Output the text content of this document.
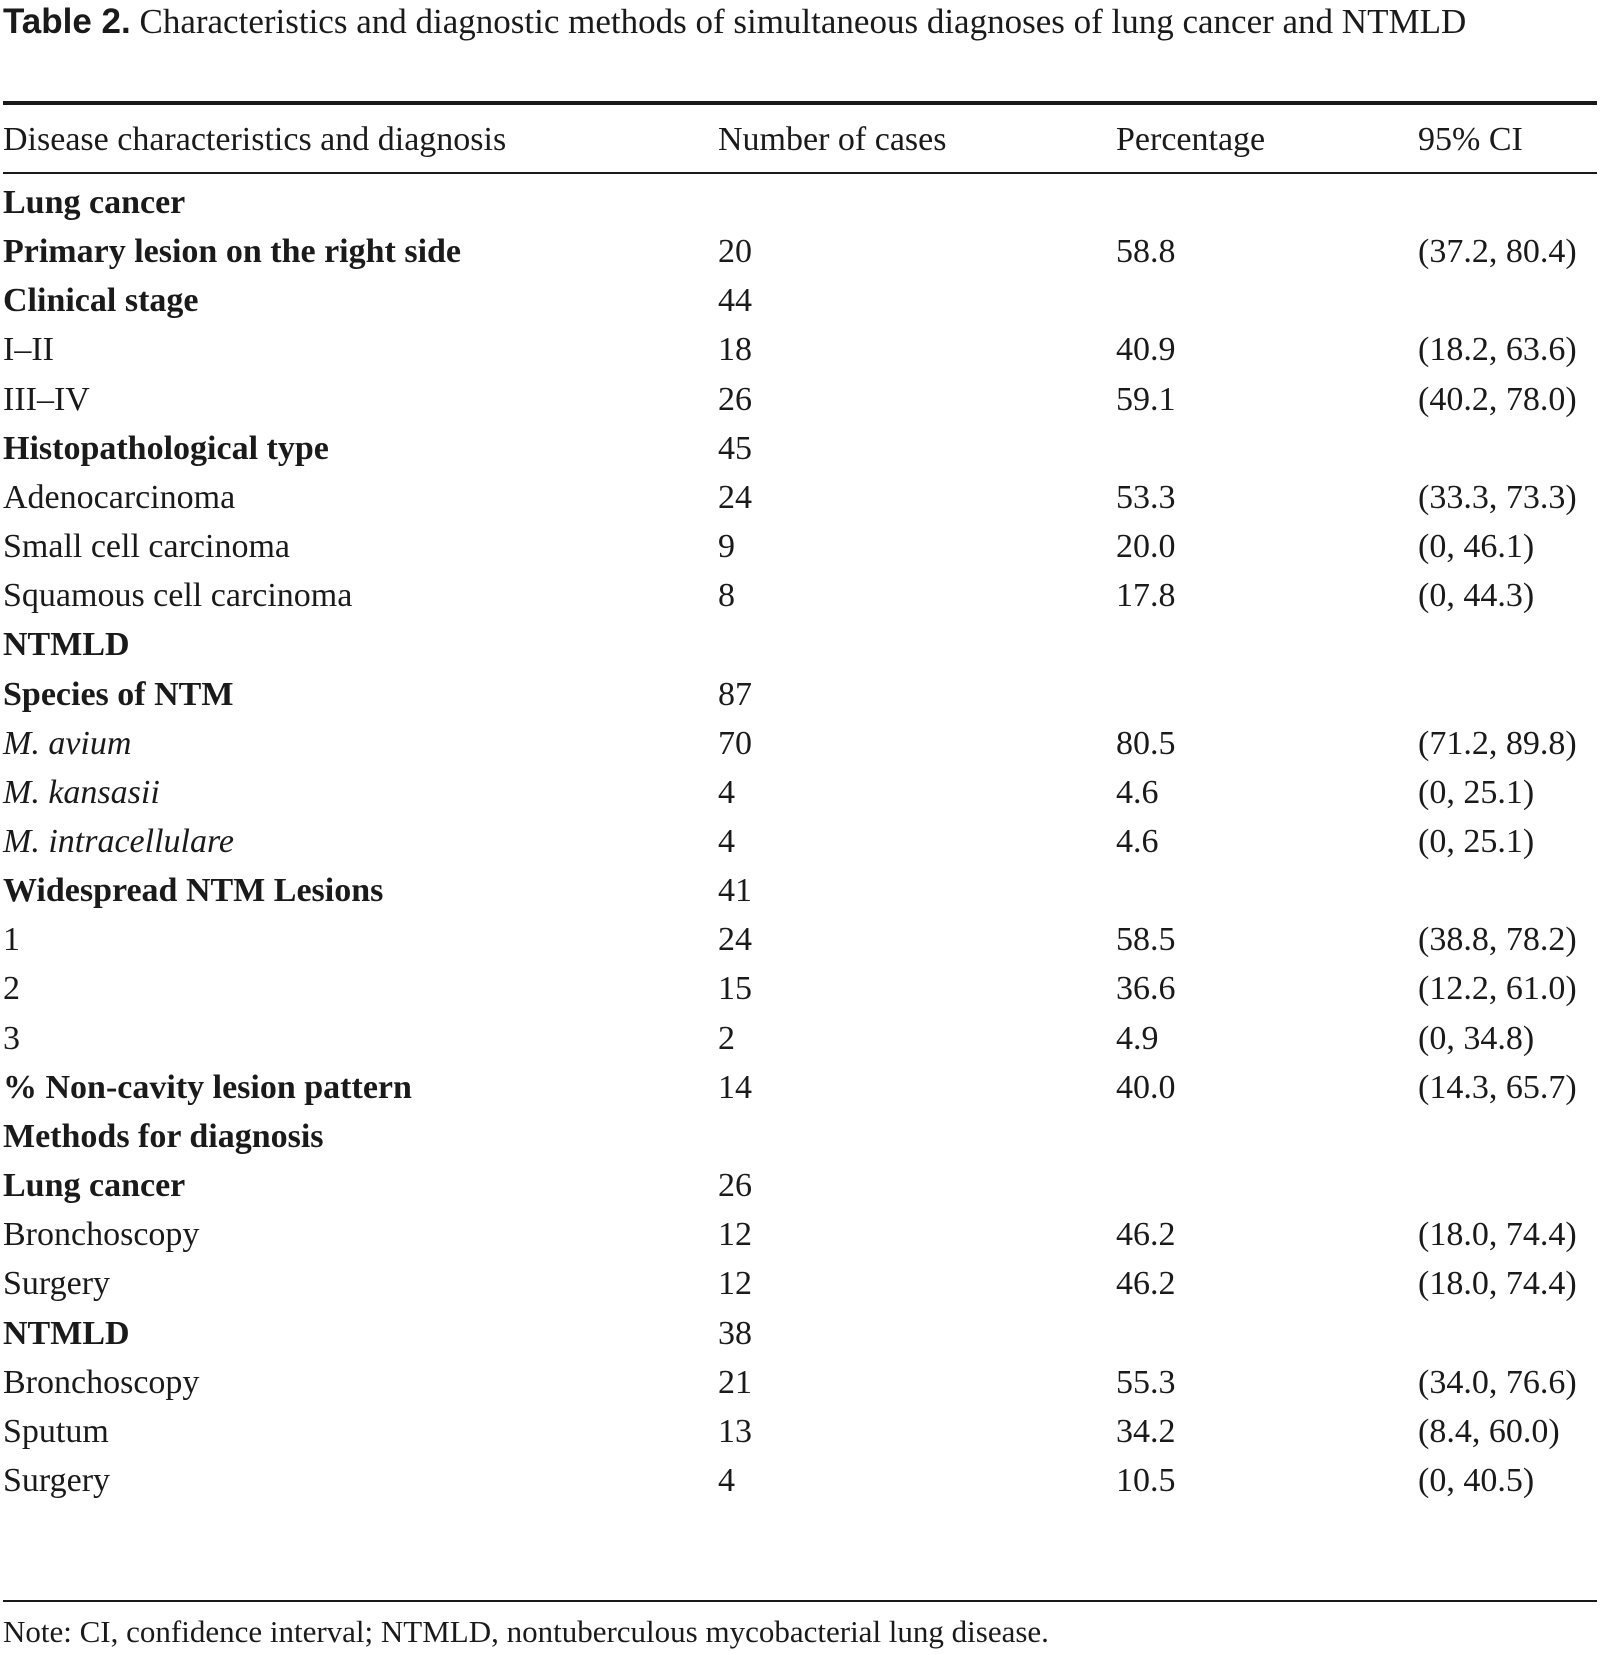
Table 2. Characteristics and diagnostic methods of simultaneous diagnoses of lung cancer and NTMLD
Disease characteristics and diagnosis	Number of cases	Percentage	95% CI
Lung cancer
Primary lesion on the right side	20	58.8	(37.2, 80.4)
Clinical stage	44
I–II	18	40.9	(18.2, 63.6)
III–IV	26	59.1	(40.2, 78.0)
Histopathological type	45
Adenocarcinoma	24	53.3	(33.3, 73.3)
Small cell carcinoma	9	20.0	(0, 46.1)
Squamous cell carcinoma	8	17.8	(0, 44.3)
NTMLD
Species of NTM	87
M. avium	70	80.5	(71.2, 89.8)
M. kansasii	4	4.6	(0, 25.1)
M. intracellulare	4	4.6	(0, 25.1)
Widespread NTM Lesions	41
1	24	58.5	(38.8, 78.2)
2	15	36.6	(12.2, 61.0)
3	2	4.9	(0, 34.8)
% Non-cavity lesion pattern	14	40.0	(14.3, 65.7)
Methods for diagnosis
Lung cancer	26
Bronchoscopy	12	46.2	(18.0, 74.4)
Surgery	12	46.2	(18.0, 74.4)
NTMLD	38
Bronchoscopy	21	55.3	(34.0, 76.6)
Sputum	13	34.2	(8.4, 60.0)
Surgery	4	10.5	(0, 40.5)
Note: CI, confidence interval; NTMLD, nontuberculous mycobacterial lung disease.
